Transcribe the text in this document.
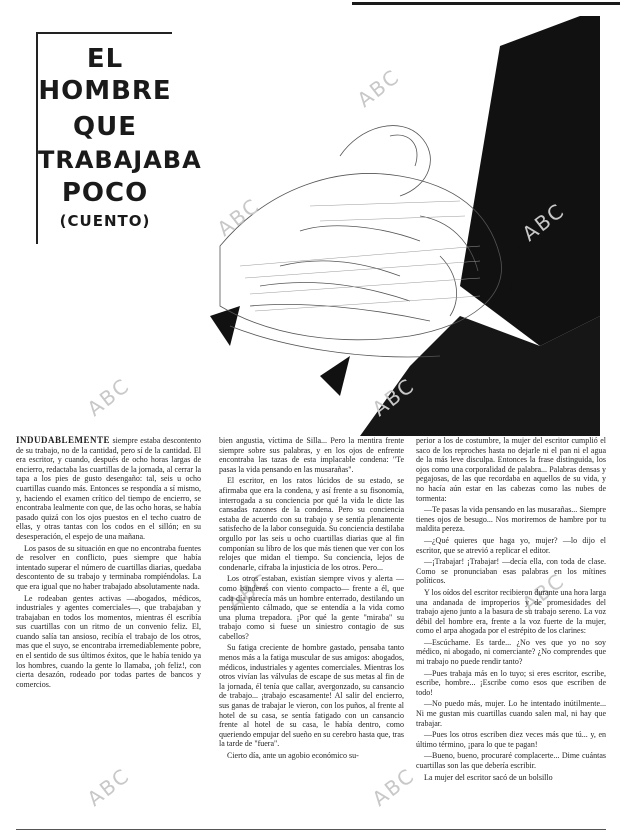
EL
HOMBRE
QUE
TRABAJABA
POCO
(CUENTO)
ABC
ABC	ABC
ABC	ABC
ABC	ABC
ABC	ABC

INDUDABLEMENTE siempre estaba descontento de su trabajo, no de la cantidad, pero sí de la cantidad. El era escritor, y cuando, después de ocho horas largas de encierro, redactaba las cuartillas de la jornada, al cerrar la tapa a los pies de gusto desengaño: tal, seis u ocho cuartillas cuando más. Entonces se respondía a sí mismo, y, haciendo el examen crítico del tiempo de encierro, se encontraba lealmente con que, de las ocho horas, se había pasado quizá con los ojos puestos en el techo cuatro de ellas, y otras tantas con los codos en el sillón; en su desesperación, el espejo de una mañana.

Los pasos de su situación en que no encontraba fuentes de resolver en conflicto, pues siempre que había intentado superar el número de cuartillas diarias, quedaba descontento de su trabajo y terminaba rompiéndolas. La que era igual que no haber trabajado absolutamente nada.

Le rodeaban gentes activas —abogados, médicos, industriales y agentes comerciales—, que trabajaban y trabajaban en todos los momentos, mientras él escribía sus cuartillas con un ritmo de un convenio feliz. El, cuando salía tan ansioso, recibía el trabajo de los otros, mas que el suyo, se encontraba irremediablemente pobre, en el sentido de sus últimos éxitos, que le había tenido ya los hombres, cuando la gente lo llamaba, ¡oh feliz!, con cierta desazón, rodeado por todas partes de bancos y comercios.

bien angustia, víctima de Silla... Pero la mentira frente siempre sobre sus palabras, y en los ojos de enfrente encontraba las tazas de esta implacable condena: "Te pasas la vida pensando en las musarañas".

El escritor, en los ratos lúcidos de su estado, se afirmaba que era la condena, y así frente a su fisonomía, interrogada a su conciencia por qué la vida le dicte las cansadas razones de la condena. Pero su conciencia estaba de acuerdo con su trabajo y se sentía plenamente satisfecho de la labor conseguida. Su conciencia destilaba orgullo por las seis u ocho cuartillas diarias que al fin componían su libro de los que más tienen que ver con los relojes que midan el tiempo. Su conciencia, lejos de condenarle, cifraba la injusticia de los otros. Pero...

Los otros estaban, existían siempre vivos y alerta —como banderas con viento compacto— frente a él, que cada día parecía más un hombre enterrado, destilando un pensamiento cálmado, que se entendía a la vida como una pluma trepadora. ¡Por qué la gente "miraba" su trabajo como si fuese un siniestro contagio de sus cabellos?

Su fatiga creciente de hombre gastado, pensaba tanto menos más a la fatiga muscular de sus amigos: abogados, médicos, industriales y agentes comerciales. Mientras los otros vivían las válvulas de escape de sus metas al fin de la jornada, él tenía que callar, avergonzado, su cansancio de trabajo... ¡trabajo escasamente! Al salir del encierro, sus ganas de trabajar le vieron, con los puños, al frente al hotel de su casa, se sentía fatigado con un cansancio frente al hotel de su casa, le había dentro, como queriendo empujar del sueño en su cerebro hasta que, tras la tarde de "fuera".

Cierto día, ante un agobio económico su-

perior a los de costumbre, la mujer del escritor cumplió el saco de los reproches hasta no dejarle ni el pan ni el agua de la más leve disculpa. Entonces la frase distinguida, los ojos como una corporalidad de palabra... Palabras densas y pegajosas, de las que recordaba en aquellos de su vida, y no hacía aún estar en las cabezas como las nubes de tormenta:

—Te pasas la vida pensando en las musarañas... Siempre tienes ojos de besugo... Nos moriremos de hambre por tu maldita pereza.

—¿Qué quieres que haga yo, mujer? —lo dijo el escritor, que se atrevió a replicar el editor.

—¡Trabajar! ¡Trabajar! —decía ella, con toda de clase. Como se pronunciaban esas palabras en los mítines políticos.

Y los oídos del escritor recibieron durante una hora larga una andanada de improperios y de promesidades del trabajo ajeno junto a la basura de su trabajo sereno. La voz débil del hombre era, frente a la voz fuerte de la mujer, como el arpa ahogada por el estrépito de los clarines:

—Escúchame. Es tarde... ¿No ves que yo no soy médico, ni abogado, ni comerciante? ¿No comprendes que mi trabajo no puede rendir tanto?

—Pues trabaja más en lo tuyo; si eres escritor, escribe, escribe, hombre... ¡Escribe como esos que escriben de todo!

—No puedo más, mujer. Lo he intentado inútilmente... Ni me gustan mis cuartillas cuando salen mal, ni hay que trabajar.

—Pues los otros escriben diez veces más que tú... y, en último término, ¡para lo que te pagan!

—Bueno, bueno, procuraré complacerte... Dime cuántas cuartillas son las que debería escribir.

La mujer del escritor sacó de un bolsillo
